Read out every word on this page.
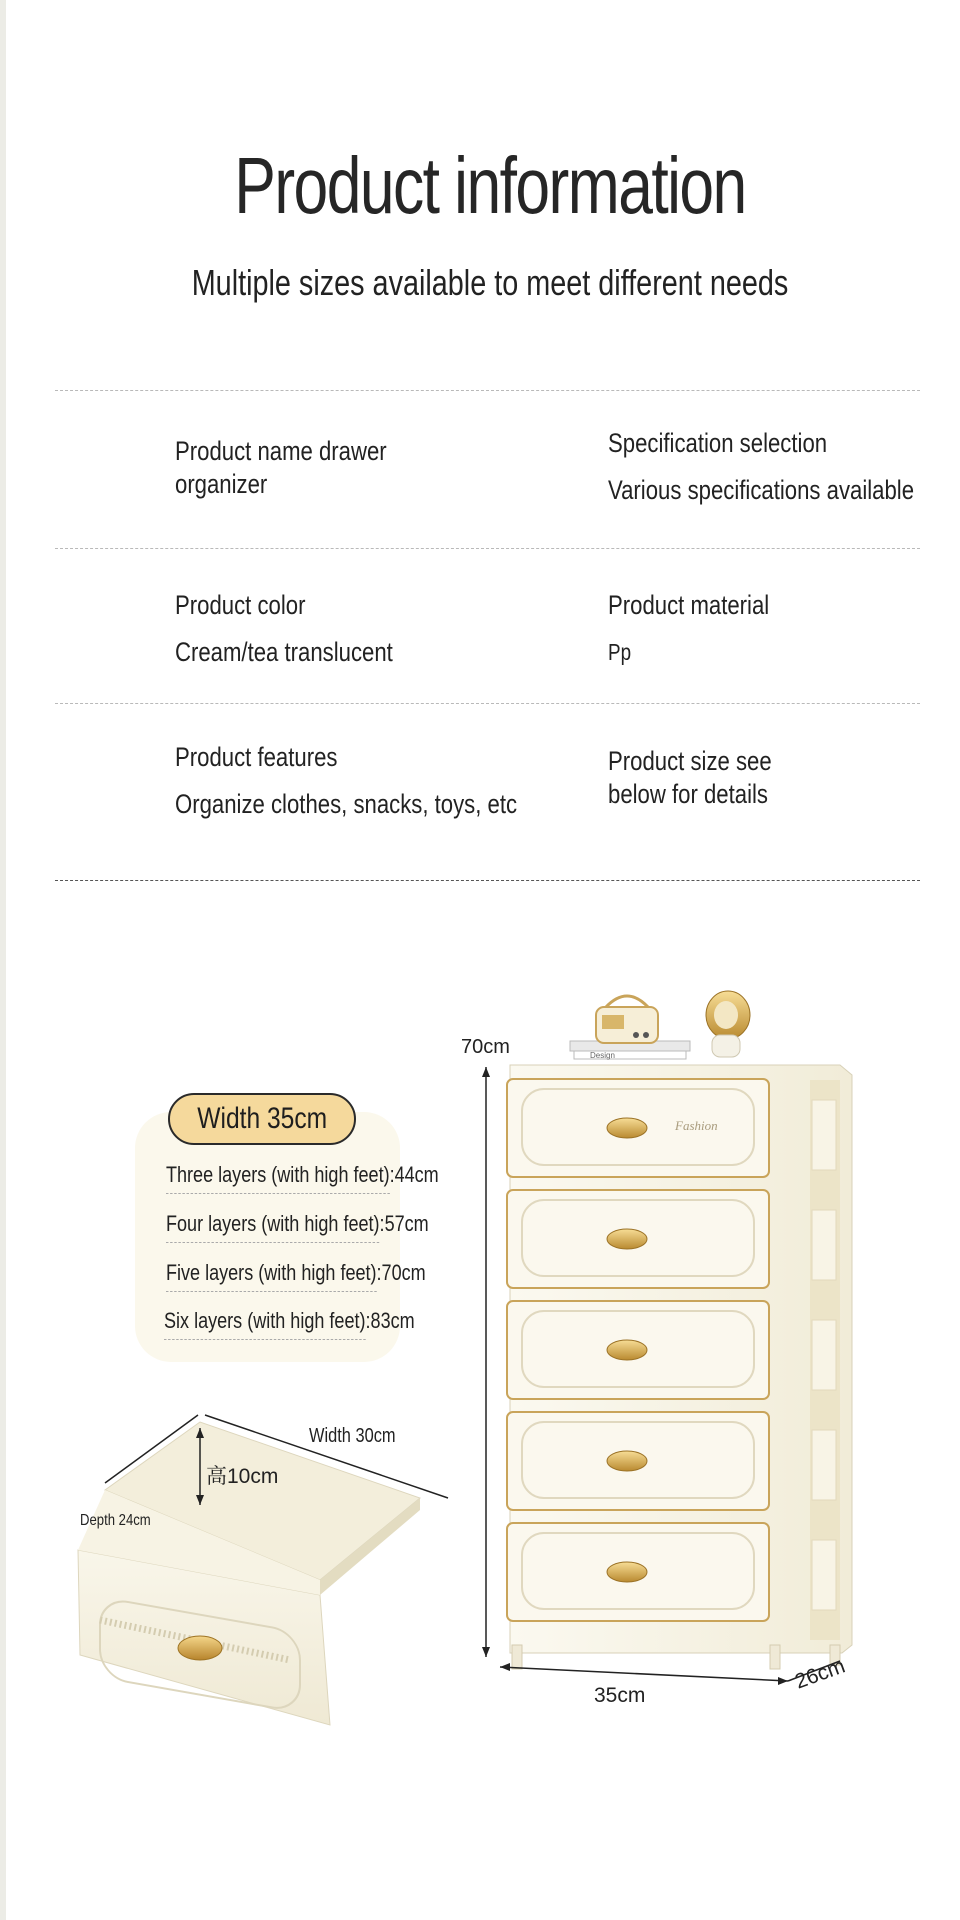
Product information
Multiple sizes available to meet different needs
Product name drawer
organizer
Specification selection
Various specifications available
Product color
Cream/tea translucent
Product material
Pp
Product features
Organize clothes, snacks, toys, etc
Product size see
below for details
Width 35cm
Three layers (with high feet):44cm
Four layers (with high feet):57cm
Five layers (with high feet):70cm
Six layers (with high feet):83cm
Width 30cm
高10cm
Depth 24cm
Design
Fashion
70cm
35cm
26cm
